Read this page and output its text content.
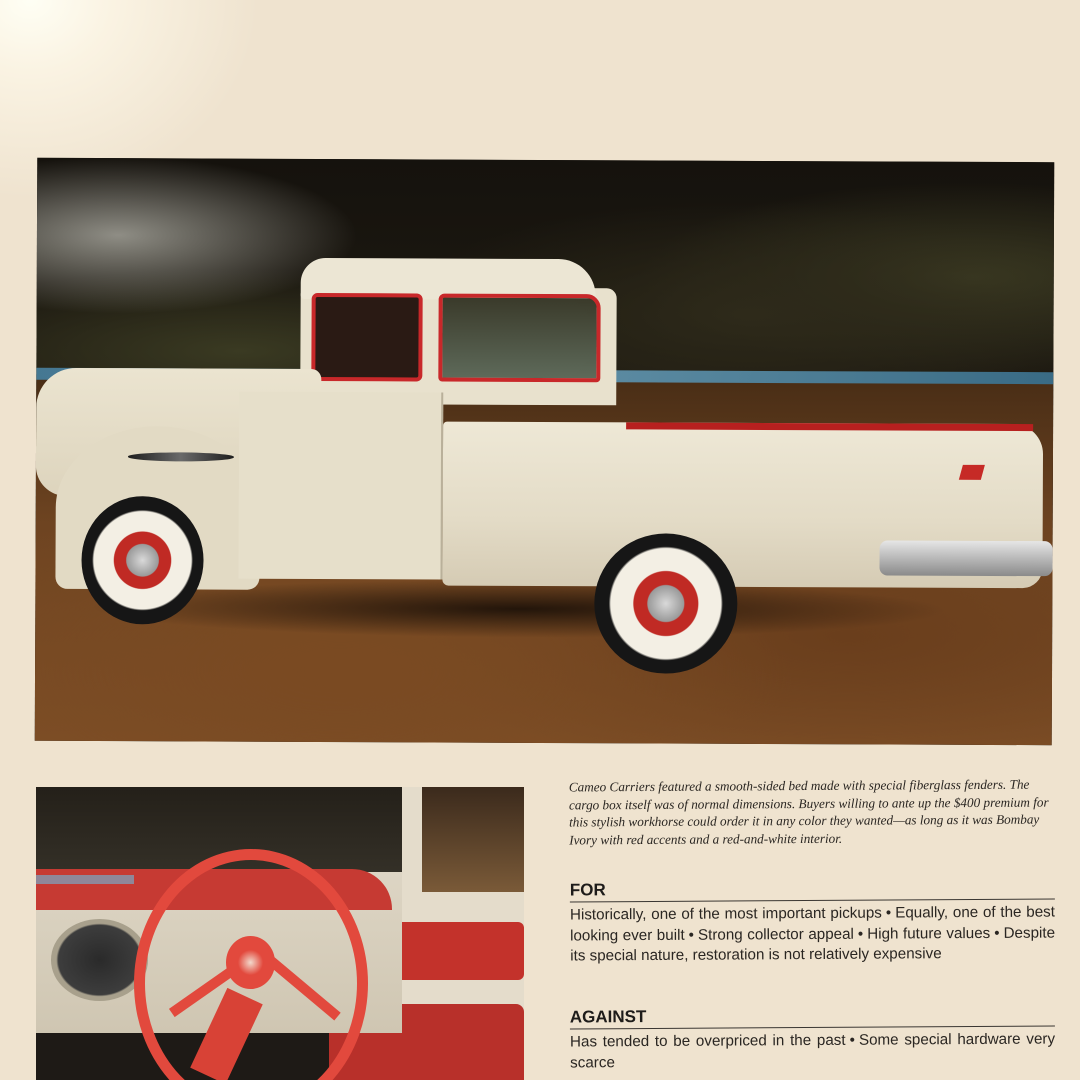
Cameo Carriers featured a smooth-sided bed made with special fiberglass fenders. The cargo box itself was of normal dimensions. Buyers willing to ante up the $400 premium for this stylish workhorse could order it in any color they wanted—as long as it was Bombay Ivory with red accents and a red-and-white interior.

FOR
Historically, one of the most important pickups • Equally, one of the best looking ever built • Strong collector appeal • High future values • Despite its special nature, restoration is not relatively expensive
AGAINST
Has tended to be overpriced in the past • Some special hardware very scarce
